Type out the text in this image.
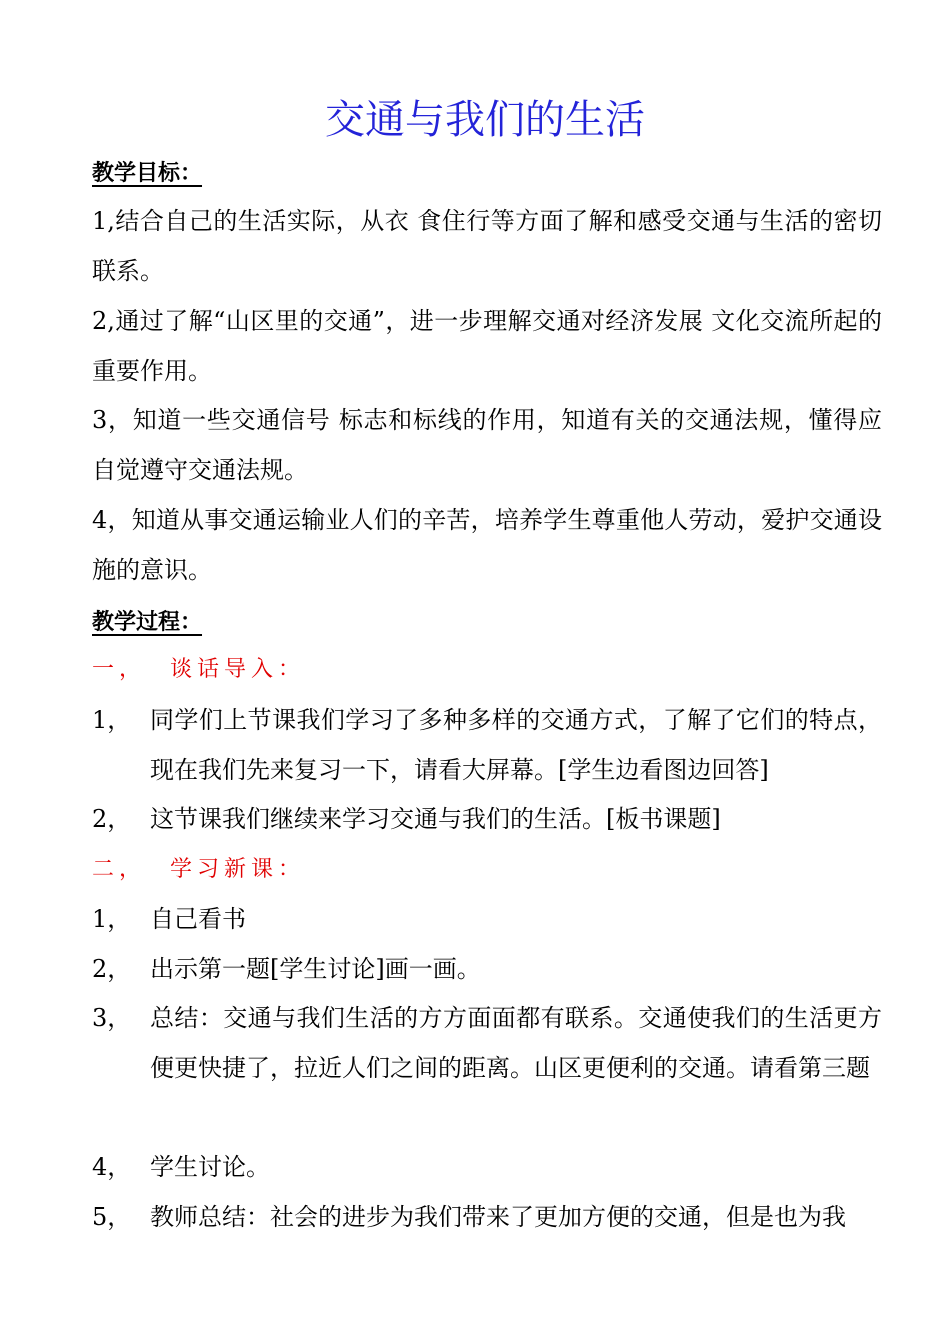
交通与我们的生活
教学目标：
1,结合自己的生活实际，从衣 食住行等方面了解和感受交通与生活的密切联系。
2,通过了解“山区里的交通”，进一步理解交通对经济发展 文化交流所起的重要作用。
3，知道一些交通信号 标志和标线的作用，知道有关的交通法规，懂得应自觉遵守交通法规。
4，知道从事交通运输业人们的辛苦，培养学生尊重他人劳动，爱护交通设施的意识。
教学过程：
一，  谈话导入：
1， 同学们上节课我们学习了多种多样的交通方式，了解了它们的特点，现在我们先来复习一下，请看大屏幕。[学生边看图边回答]
2， 这节课我们继续来学习交通与我们的生活。[板书课题]
二，  学习新课：
1， 自己看书
2， 出示第一题[学生讨论]画一画。
3， 总结：交通与我们生活的方方面面都有联系。交通使我们的生活更方便更快捷了，拉近人们之间的距离。山区更便利的交通。请看第三题
4， 学生讨论。
5， 教师总结：社会的进步为我们带来了更加方便的交通，但是也为我
